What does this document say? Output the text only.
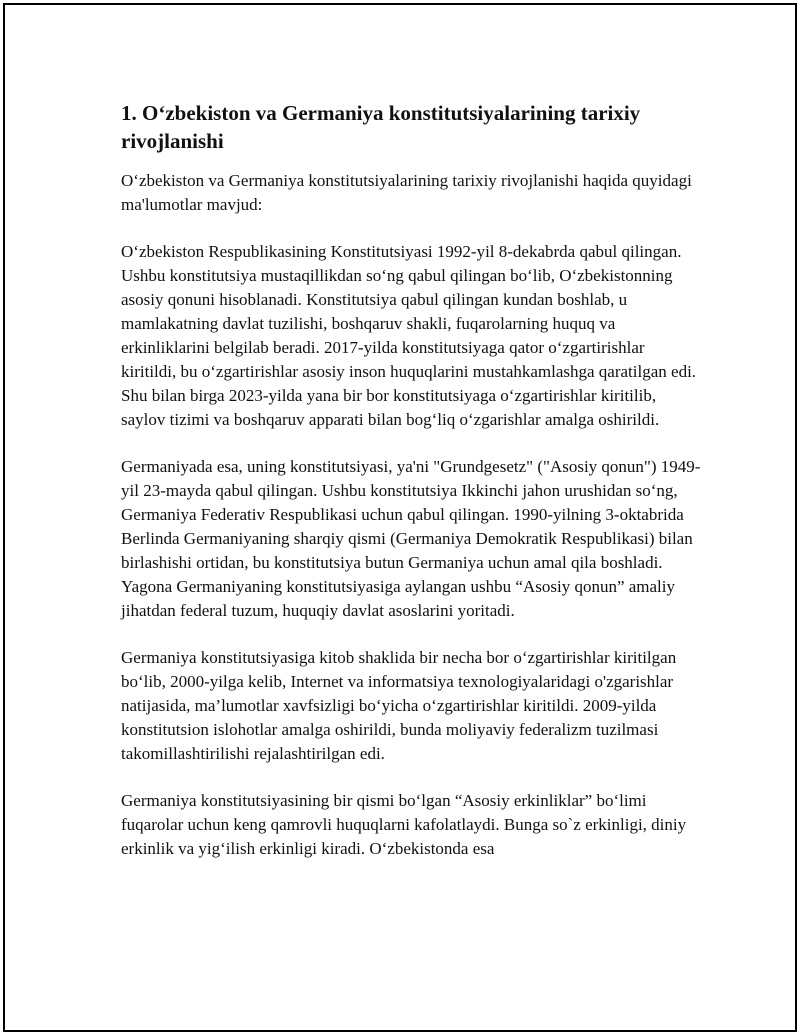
1. O‘zbekiston va Germaniya konstitutsiyalarining tarixiy rivojlanishi

O‘zbekiston va Germaniya konstitutsiyalarining tarixiy rivojlanishi haqida quyidagi ma'lumotlar mavjud:

O‘zbekiston Respublikasining Konstitutsiyasi 1992-yil 8-dekabrda qabul qilingan. Ushbu konstitutsiya mustaqillikdan so‘ng qabul qilingan bo‘lib, O‘zbekistonning asosiy qonuni hisoblanadi. Konstitutsiya qabul qilingan kundan boshlab, u mamlakatning davlat tuzilishi, boshqaruv shakli, fuqarolarning huquq va erkinliklarini belgilab beradi. 2017-yilda konstitutsiyaga qator o‘zgartirishlar kiritildi, bu o‘zgartirishlar asosiy inson huquqlarini mustahkamlashga qaratilgan edi. Shu bilan birga 2023-yilda yana bir bor konstitutsiyaga o‘zgartirishlar kiritilib, saylov tizimi va boshqaruv apparati bilan bog‘liq o‘zgarishlar amalga oshirildi.

Germaniyada esa, uning konstitutsiyasi, ya'ni "Grundgesetz" ("Asosiy qonun") 1949-yil 23-mayda qabul qilingan. Ushbu konstitutsiya Ikkinchi jahon urushidan so‘ng, Germaniya Federativ Respublikasi uchun qabul qilingan. 1990-yilning 3-oktabrida Berlinda Germaniyaning sharqiy qismi (Germaniya Demokratik Respublikasi) bilan birlashishi ortidan, bu konstitutsiya butun Germaniya uchun amal qila boshladi. Yagona Germaniyaning konstitutsiyasiga aylangan ushbu “Asosiy qonun” amaliy jihatdan federal tuzum, huquqiy davlat asoslarini yoritadi.

Germaniya konstitutsiyasiga kitob shaklida bir necha bor o‘zgartirishlar kiritilgan bo‘lib, 2000-yilga kelib, Internet va informatsiya texnologiyalaridagi o'zgarishlar natijasida, ma’lumotlar xavfsizligi bo‘yicha o‘zgartirishlar kiritildi. 2009-yilda konstitutsion islohotlar amalga oshirildi, bunda moliyaviy federalizm tuzilmasi takomillashtirilishi rejalashtirilgan edi.

Germaniya konstitutsiyasining bir qismi bo‘lgan “Asosiy erkinliklar” bo‘limi fuqarolar uchun keng qamrovli huquqlarni kafolatlaydi. Bunga so`z erkinligi, diniy erkinlik va yig‘ilish erkinligi kiradi. O‘zbekistonda esa
